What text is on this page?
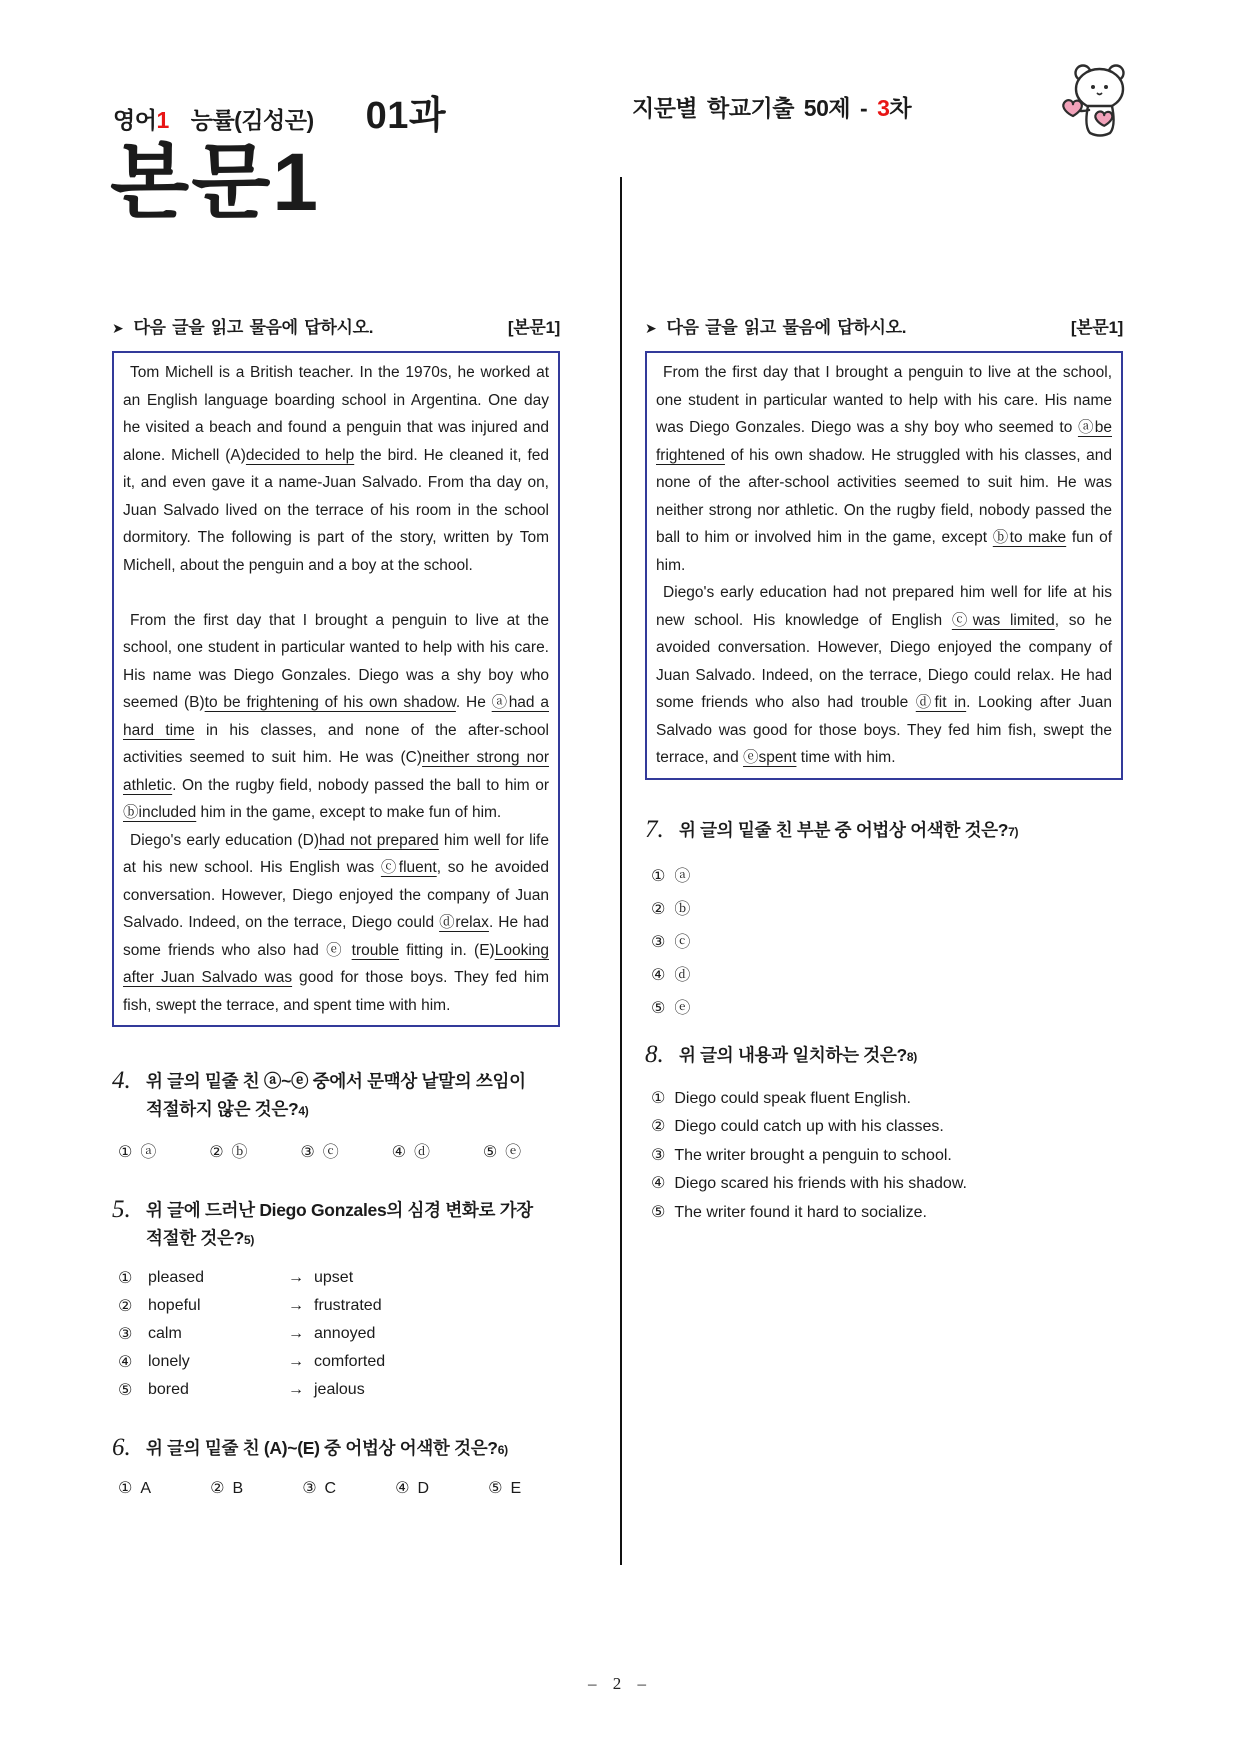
영어1 능률(김성곤) 01과	지문별 학교기출 50제 - 3차
본문1
➤ 다음 글을 읽고 물음에 답하시오.	[본문1]

Tom Michell is a British teacher. In the 1970s, he worked at an English language boarding school in Argentina. One day he visited a beach and found a penguin that was injured and alone. Michell (A)decided to help the bird. He cleaned it, fed it, and even gave it a name-Juan Salvado. From tha day on, Juan Salvado lived on the terrace of his room in the school dormitory. The following is part of the story, written by Tom Michell, about the penguin and a boy at the school.

From the first day that I brought a penguin to live at the school, one student in particular wanted to help with his care. His name was Diego Gonzales. Diego was a shy boy who seemed (B)to be frightening of his own shadow. He ⓐhad a hard time in his classes, and none of the after-school activities seemed to suit him. He was (C)neither strong nor athletic. On the rugby field, nobody passed the ball to him or ⓑincluded him in the game, except to make fun of him.

Diego's early education (D)had not prepared him well for life at his new school. His English was ⓒfluent, so he avoided conversation. However, Diego enjoyed the company of Juan Salvado. Indeed, on the terrace, Diego could ⓓrelax. He had some friends who also had ⓔ trouble fitting in. (E)Looking after Juan Salvado was good for those boys. They fed him fish, swept the terrace, and spent time with him.

4. 위 글의 밑줄 친 ⓐ~ⓔ 중에서 문맥상 낱말의 쓰임이 적절하지 않은 것은?4)
① ⓐ	② ⓑ	③ ⓒ	④ ⓓ	⑤ ⓔ
5. 위 글에 드러난 Diego Gonzales의 심경 변화로 가장 적절한 것은?5)
① pleased	→ upset
② hopeful	→ frustrated
③ calm	→ annoyed
④ lonely	→ comforted
⑤ bored	→ jealous
6. 위 글의 밑줄 친 (A)~(E) 중 어법상 어색한 것은?6)
① A	② B	③ C	④ D	⑤ E
➤ 다음 글을 읽고 물음에 답하시오.	[본문1]

From the first day that I brought a penguin to live at the school, one student in particular wanted to help with his care. His name was Diego Gonzales. Diego was a shy boy who seemed to ⓐbe frightened of his own shadow. He struggled with his classes, and none of the after-school activities seemed to suit him. He was neither strong nor athletic. On the rugby field, nobody passed the ball to him or involved him in the game, except ⓑto make fun of him.

Diego's early education had not prepared him well for life at his new school. His knowledge of English ⓒwas limited, so he avoided conversation. However, Diego enjoyed the company of Juan Salvado. Indeed, on the terrace, Diego could relax. He had some friends who also had trouble ⓓfit in. Looking after Juan Salvado was good for those boys. They fed him fish, swept the terrace, and ⓔspent time with him.

7. 위 글의 밑줄 친 부분 중 어법상 어색한 것은?7)
① ⓐ
② ⓑ
③ ⓒ
④ ⓓ
⑤ ⓔ
8. 위 글의 내용과 일치하는 것은?8)
① Diego could speak fluent English.
② Diego could catch up with his classes.
③ The writer brought a penguin to school.
④ Diego scared his friends with his shadow.
⑤ The writer found it hard to socialize.
– 2 –
